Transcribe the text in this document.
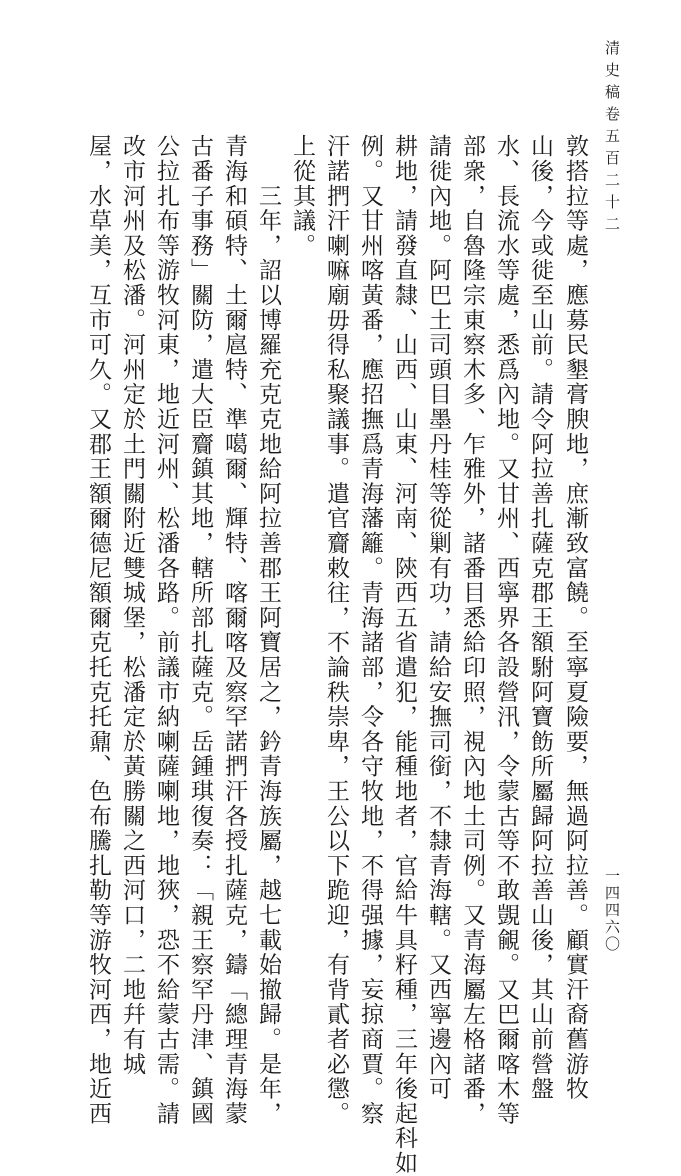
清史稿卷五百二十二
敦搭拉等處，應募民墾膏腴地，庶漸致富饒。至寧夏險要，無過阿拉善。顧實汗裔舊游牧
山後，今或徙至山前。請令阿拉善扎薩克郡王額駙阿寶飭所屬歸阿拉善山後，其山前營盤
水、長流水等處，悉爲內地。又甘州、西寧界各設營汛，令蒙古等不敢覬覦。又巴爾喀木等
部衆，自魯隆宗東察木多、乍雅外，諸番目悉給印照，視內地土司例。又青海屬左格諸番，
請徙內地。阿巴土司頭目墨丹桂等從剿有功，請給安撫司銜，不隸青海轄。又西寧邊內可
耕地，請發直隸、山西、山東、河南、陝西五省遣犯，能種地者，官給牛具籽種，三年後起科如
例。又甘州喀黃番，應招撫爲青海藩籬。青海諸部，令各守牧地，不得强據，妄掠商賈。察
汗諾捫汗喇嘛廟毋得私聚議事。遣官齎敕往，不論秩崇卑，王公以下跪迎，有背貳者必懲。
上從其議。
　　三年，詔以博羅充克克地給阿拉善郡王阿寶居之，鈐青海族屬，越七載始撤歸。是年，
青海和碩特、土爾扈特、準噶爾、輝特、喀爾喀及察罕諾捫汗各授扎薩克，鑄「總理青海蒙
古番子事務」關防，遣大臣齎鎮其地，轄所部扎薩克。岳鍾琪復奏：「親王察罕丹津、鎮國
公拉扎布等游牧河東，地近河州、松潘各路。前議市納喇薩喇地，地狹，恐不給蒙古需。請
改市河州及松潘。河州定於土門關附近雙城堡，松潘定於黃勝關之西河口，二地幷有城
屋，水草美，互市可久。又郡王額爾德尼額爾克托克托鼐、色布騰扎勒等游牧河西，地近西	一四四六〇
